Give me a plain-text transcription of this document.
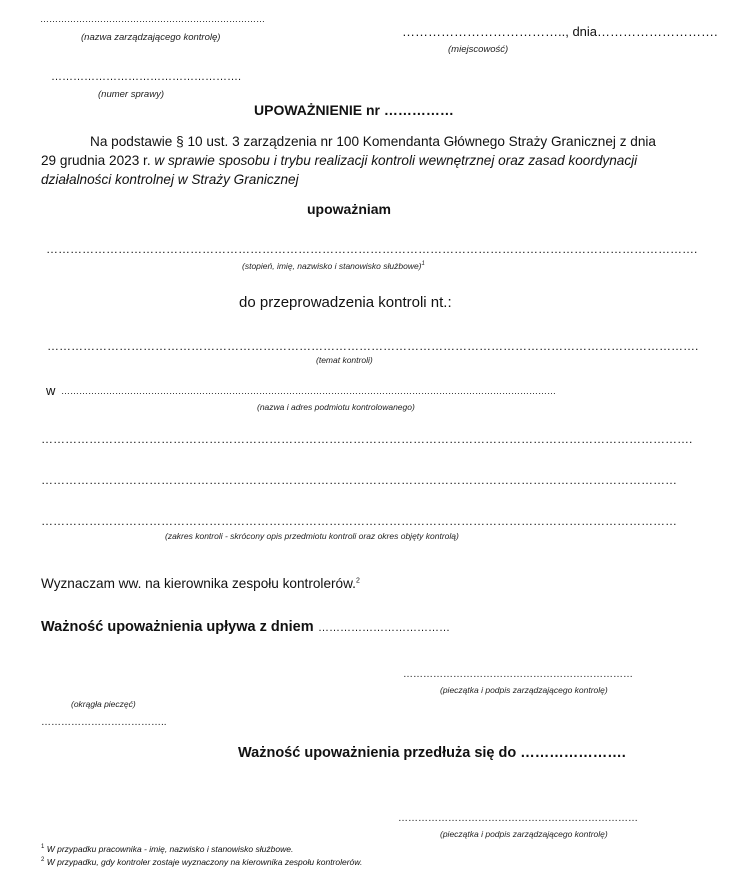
…………………………………………………………………
(nazwa zarządzającego kontrolę)	……………………………….., dnia……………………….
(miejscowość)
…………………………………………….
(numer sprawy)
UPOWAŻNIENIE nr ……………
Na podstawie § 10 ust. 3 zarządzenia nr 100 Komendanta Głównego Straży Granicznej z dnia
29 grudnia 2023 r. w sprawie sposobu i trybu realizacji kontroli wewnętrznej oraz zasad koordynacji
działalności kontrolnej w Straży Granicznej
upoważniam
……………………………………………………………………………………………………………………………………………….
(stopień, imię, nazwisko i stanowisko służbowe)$^1$
do przeprowadzenia kontroli nt.:
……………………………………………………………………………………………………………………………………………….
(temat kontroli)
w …………………………………………………………………………………………………………………………………………………
(nazwa i adres podmiotu kontrolowanego)
……………………………………………………………………………………………………………………………………………….
……………………………………………………………………………………………………………………………………………
……………………………………………………………………………………………………………………………………………
(zakres kontroli - skrócony opis przedmiotu kontroli oraz okres objęty kontrolą)
Wyznaczam ww. na kierownika zespołu kontrolerów.$^2$
Ważność upoważnienia upływa z dniem ………………………………
……………………………………………………………
(pieczątka i podpis zarządzającego kontrolę)
(okrągła pieczęć)
………………………………..
Ważność upoważnienia przedłuża się do ………………….
………………………………………………………………
(pieczątka i podpis zarządzającego kontrolę)
$^1$ W przypadku pracownika - imię, nazwisko i stanowisko służbowe.
$^2$ W przypadku, gdy kontroler zostaje wyznaczony na kierownika zespołu kontrolerów.
